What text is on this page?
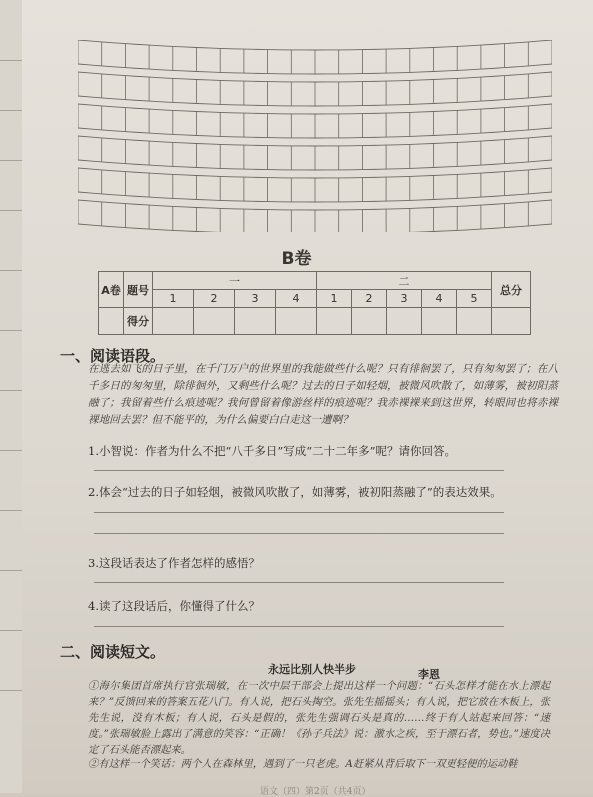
B卷
A卷	题号	一				二					总分
		1	2	3	4	1	2	3	4	5	
	得分										
一、阅读语段。
在逃去如飞的日子里，在千门万户的世界里的我能做些什么呢？只有徘徊罢了，只有匆匆罢了；在八千多日的匆匆里，除徘徊外，又剩些什么呢？过去的日子如轻烟，被微风吹散了，如薄雾，被初阳蒸融了；我留着些什么痕迹呢？我何曾留着像游丝样的痕迹呢？我赤裸裸来到这世界，转眼间也将赤裸裸地回去罢？但不能平的，为什么偏要白白走这一遭啊？
1.小智说：作者为什么不把“八千多日”写成“二十二年多”呢？请你回答。
2.体会“过去的日子如轻烟，被微风吹散了，如薄雾，被初阳蒸融了”的表达效果。
3.这段话表达了作者怎样的感悟？
4.读了这段话后，你懂得了什么？
二、阅读短文。
永远比别人快半步	李恩
①海尔集团首席执行官张瑞敏，在一次中层干部会上提出这样一个问题：“石头怎样才能在水上漂起来？”反馈回来的答案五花八门。有人说，把石头掏空。张先生摇摇头；有人说，把它放在木板上，张先生说，没有木板；有人说，石头是假的，张先生强调石头是真的……终于有人站起来回答：“速度。”张瑞敏脸上露出了满意的笑容：“正确！《孙子兵法》说：激水之疾，至于漂石者，势也。”速度决定了石头能否漂起来。
②有这样一个笑话：两个人在森林里，遇到了一只老虎。A赶紧从背后取下一双更轻便的运动鞋
语文（四）第2页（共4页）
